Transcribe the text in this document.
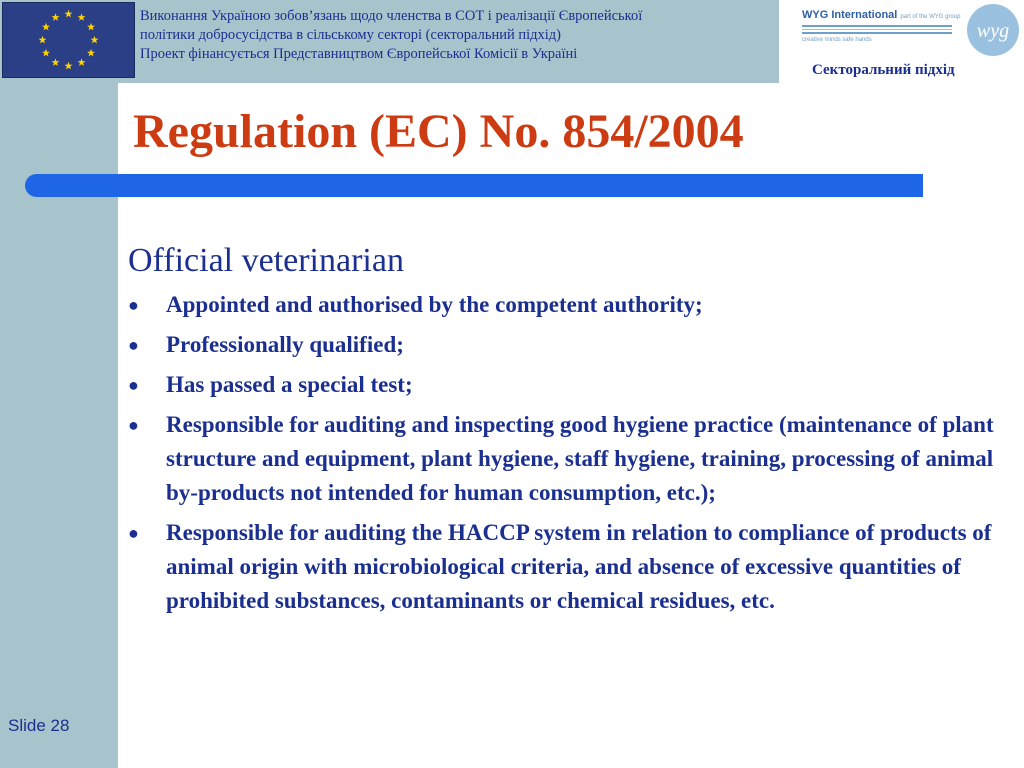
Виконання Україною зобов’язань щодо членства в СОТ і реалізації Європейської
політики добросусідства в сільському секторі (секторальний підхід)
Проект фінансується Представництвом Європейської Комісії в Україні
WYG International part of the WYG group
creative minds safe hands	wyg
Секторальний підхід
Regulation (EC) No. 854/2004
Official veterinarian
● Appointed and authorised by the competent authority;
● Professionally qualified;
● Has passed a special test;
● Responsible for auditing and inspecting good hygiene practice (maintenance of plant structure and equipment, plant hygiene, staff hygiene, training, processing of animal by-products not intended for human consumption, etc.);
● Responsible for auditing the HACCP system in relation to compliance of products of animal origin with microbiological criteria, and absence of excessive quantities of prohibited substances, contaminants or chemical residues, etc.
Slide 28
